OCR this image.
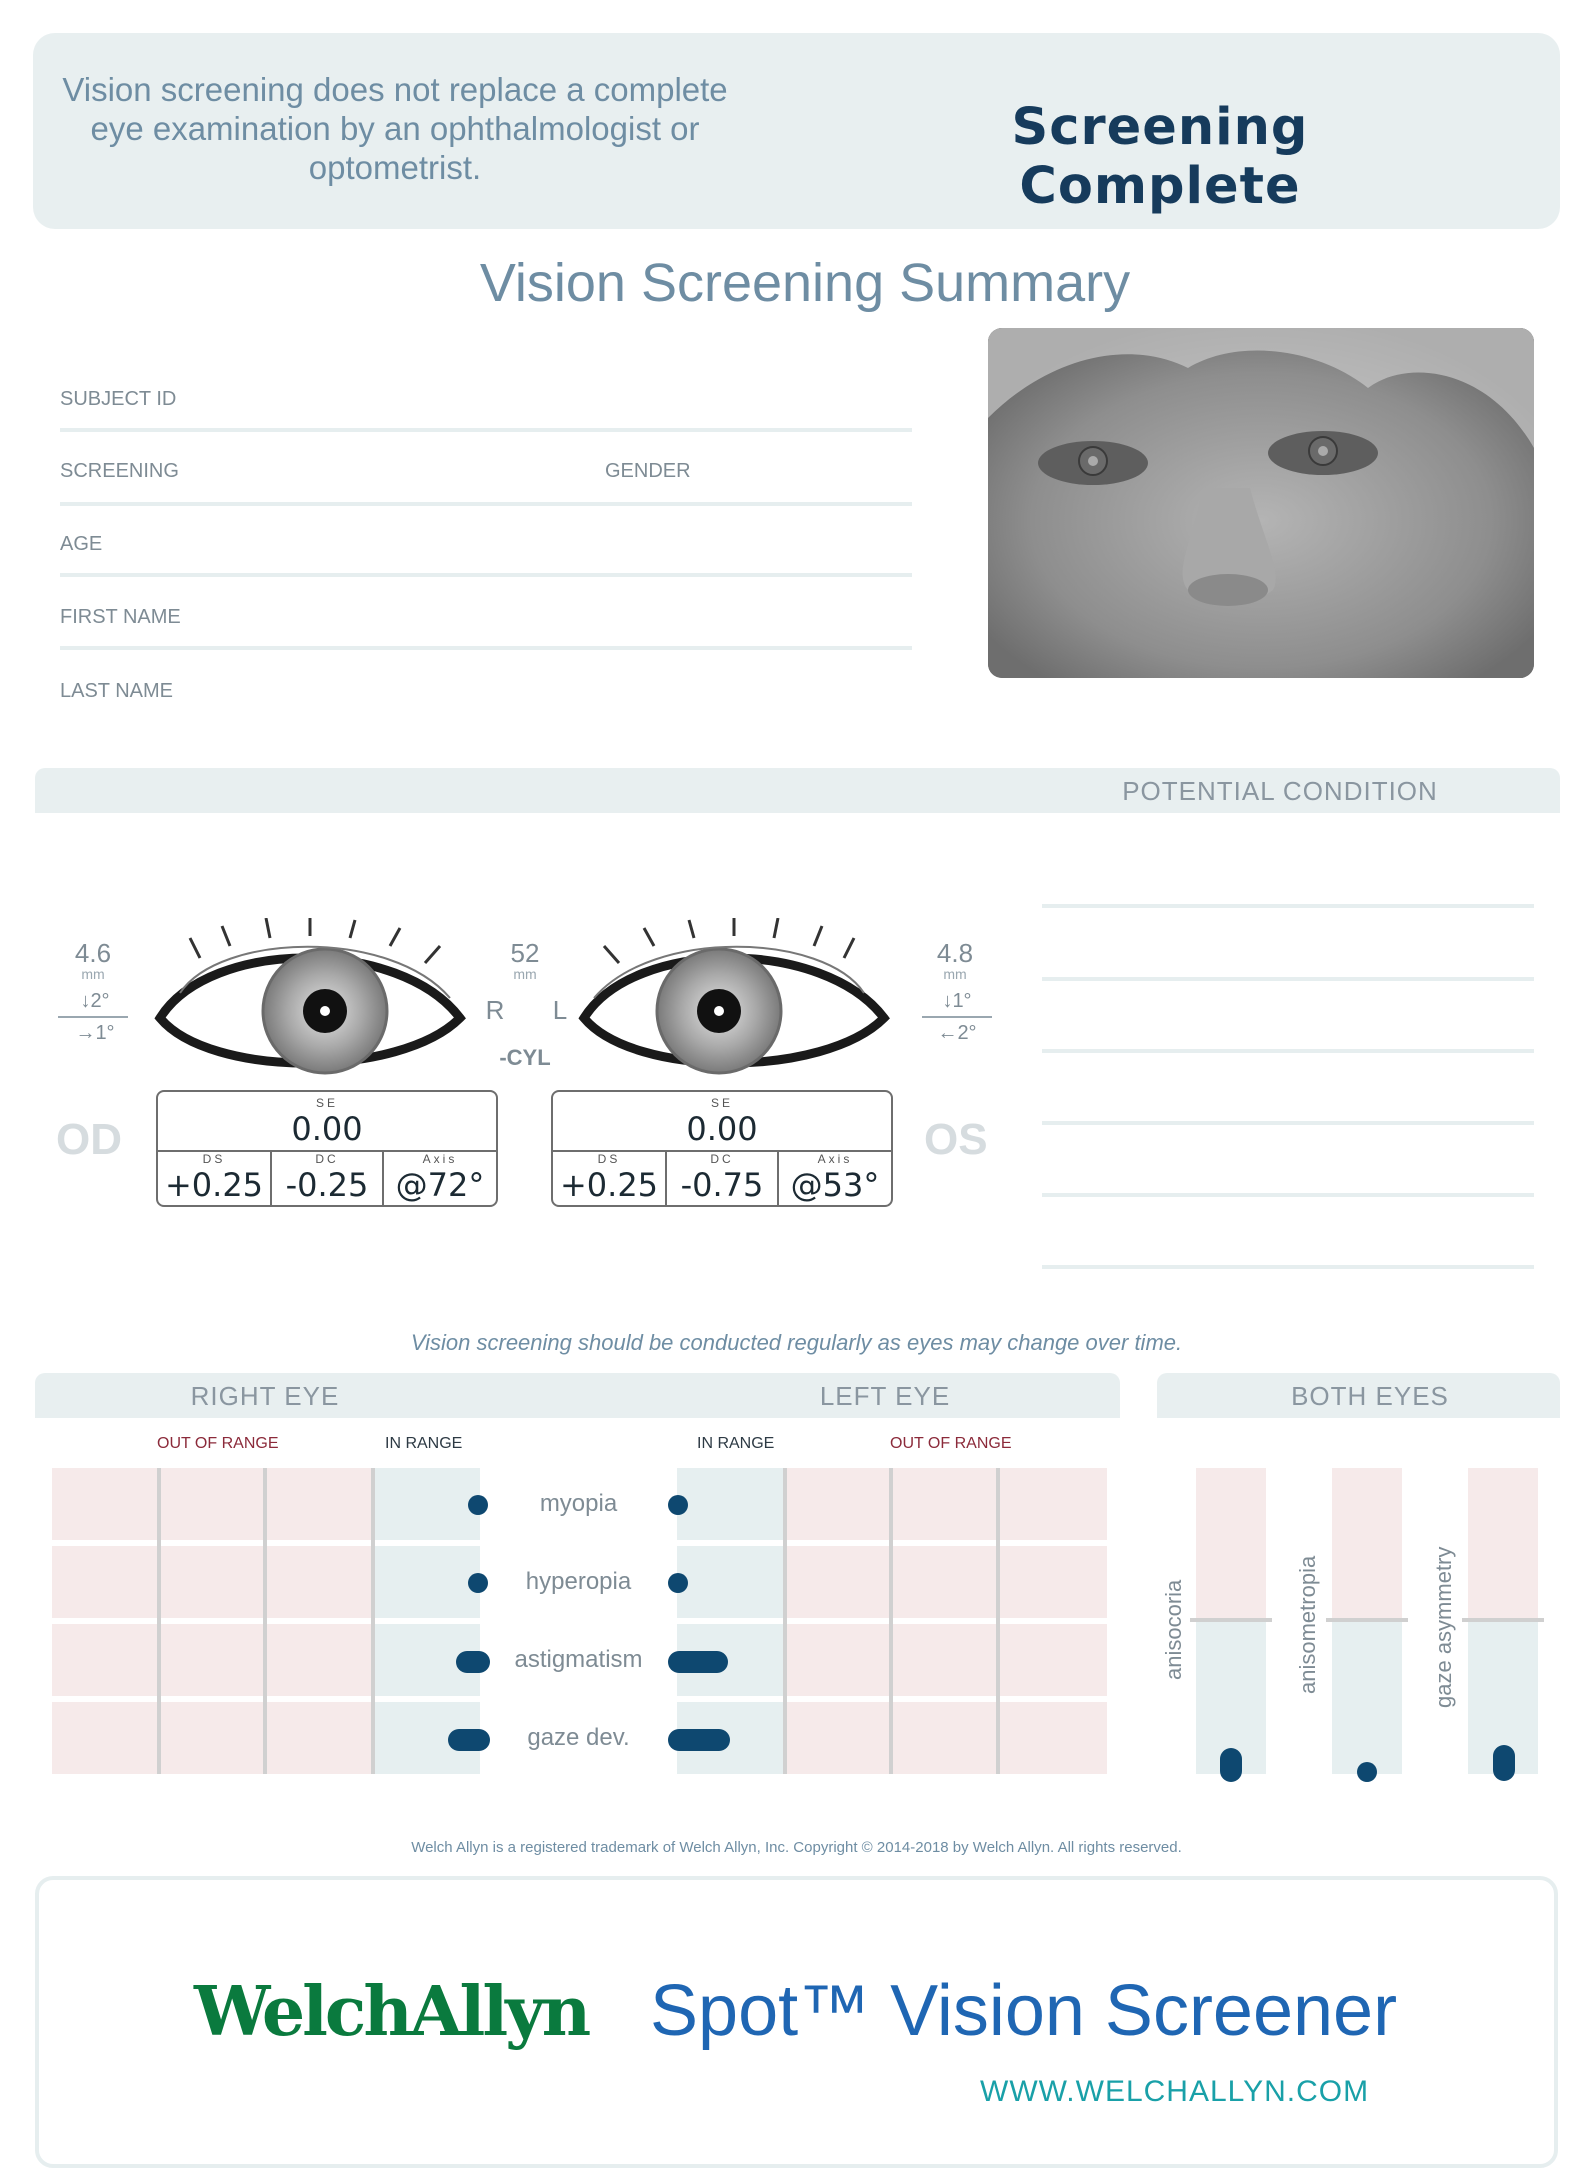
Vision screening does not replace a complete eye examination by an ophthalmologist or optometrist.
Screening Complete
Vision Screening Summary
SUBJECT ID
SCREENING	GENDER
AGE
FIRST NAME
LAST NAME
POTENTIAL CONDITION
4.6
mm
↓2°
→1°
52
mm
R L
-CYL
4.8
mm
↓1°
←2°
OD	OS
SE
0.00
DS
+0.25
DC
-0.25
Axis
@72°
SE
0.00
DS
+0.25
DC
-0.75
Axis
@53°
Vision screening should be conducted regularly as eyes may change over time.
RIGHT EYE	LEFT EYE	BOTH EYES
OUT OF RANGE	IN RANGE	IN RANGE	OUT OF RANGE
myopia
hyperopia
astigmatism
gaze dev.
anisocoria	anisometropia	gaze asymmetry
Welch Allyn is a registered trademark of Welch Allyn, Inc. Copyright © 2014-2018 by Welch Allyn. All rights reserved.
WelchAllyn Spot™ Vision Screener
WWW.WELCHALLYN.COM
